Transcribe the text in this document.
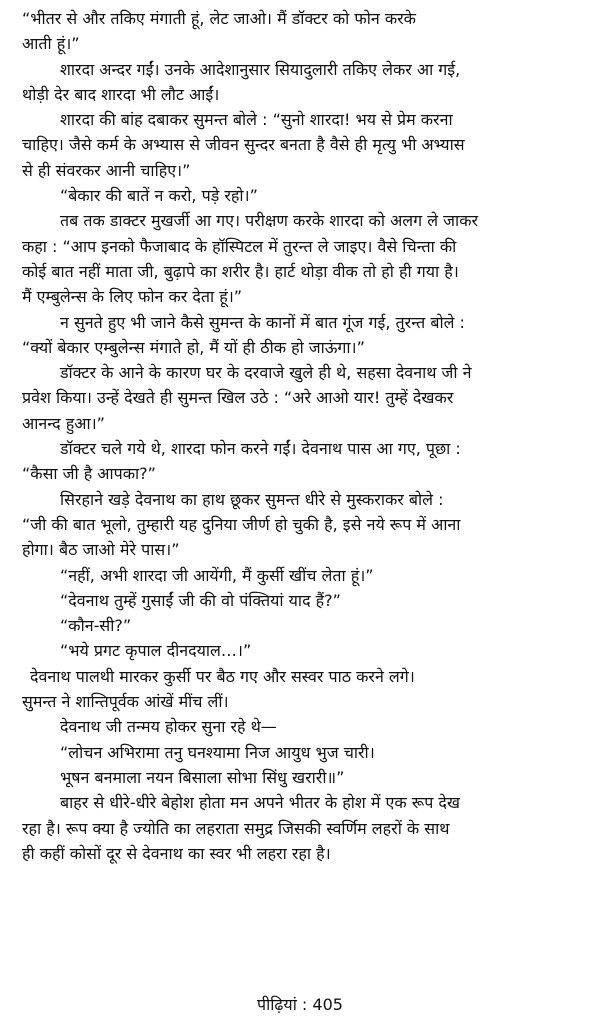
“भीतर से और तकिए मंगाती हूं, लेट जाओ। मैं डॉक्टर को फोन करके
आती हूं।”
शारदा अन्दर गईं। उनके आदेशानुसार सियादुलारी तकिए लेकर आ गई,
थोड़ी देर बाद शारदा भी लौट आईं।
शारदा की बांह दबाकर सुमन्त बोले : “सुनो शारदा! भय से प्रेम करना
चाहिए। जैसे कर्म के अभ्यास से जीवन सुन्दर बनता है वैसे ही मृत्यु भी अभ्यास
से ही संवरकर आनी चाहिए।”
“बेकार की बातें न करो, पड़े रहो।”
तब तक डाक्टर मुखर्जी आ गए। परीक्षण करके शारदा को अलग ले जाकर
कहा : “आप इनको फैजाबाद के हॉस्पिटल में तुरन्त ले जाइए। वैसे चिन्ता की
कोई बात नहीं माता जी, बुढ़ापे का शरीर है। हार्ट थोड़ा वीक तो हो ही गया है।
मैं एम्बुलेन्स के लिए फोन कर देता हूं।”
न सुनते हुए भी जाने कैसे सुमन्त के कानों में बात गूंज गई, तुरन्त बोले :
“क्यों बेकार एम्बुलेन्स मंगाते हो, मैं यों ही ठीक हो जाऊंगा।”
डॉक्टर के आने के कारण घर के दरवाजे खुले ही थे, सहसा देवनाथ जी ने
प्रवेश किया। उन्हें देखते ही सुमन्त खिल उठे : “अरे आओ यार! तुम्हें देखकर
आनन्द हुआ।”
डॉक्टर चले गये थे, शारदा फोन करने गईं। देवनाथ पास आ गए, पूछा :
“कैसा जी है आपका?”
सिरहाने खड़े देवनाथ का हाथ छूकर सुमन्त धीरे से मुस्कराकर बोले :
“जी की बात भूलो, तुम्हारी यह दुनिया जीर्ण हो चुकी है, इसे नये रूप में आना
होगा। बैठ जाओ मेरे पास।”
“नहीं, अभी शारदा जी आयेंगी, मैं कुर्सी खींच लेता हूं।”
“देवनाथ तुम्हें गुसाईं जी की वो पंक्तियां याद हैं?”
“कौन-सी?”
“भये प्रगट कृपाल दीनदयाल…।”
देवनाथ पालथी मारकर कुर्सी पर बैठ गए और सस्वर पाठ करने लगे।
सुमन्त ने शान्तिपूर्वक आंखें मींच लीं।
देवनाथ जी तन्मय होकर सुना रहे थे—
“लोचन अभिरामा तनु घनश्यामा निज आयुध भुज चारी।
भूषन बनमाला नयन बिसाला सोभा सिंधु खरारी॥”
बाहर से धीरे-धीरे बेहोश होता मन अपने भीतर के होश में एक रूप देख
रहा है। रूप क्या है ज्योति का लहराता समुद्र जिसकी स्वर्णिम लहरों के साथ
ही कहीं कोसों दूर से देवनाथ का स्वर भी लहरा रहा है।
पीढ़ियां : 405
